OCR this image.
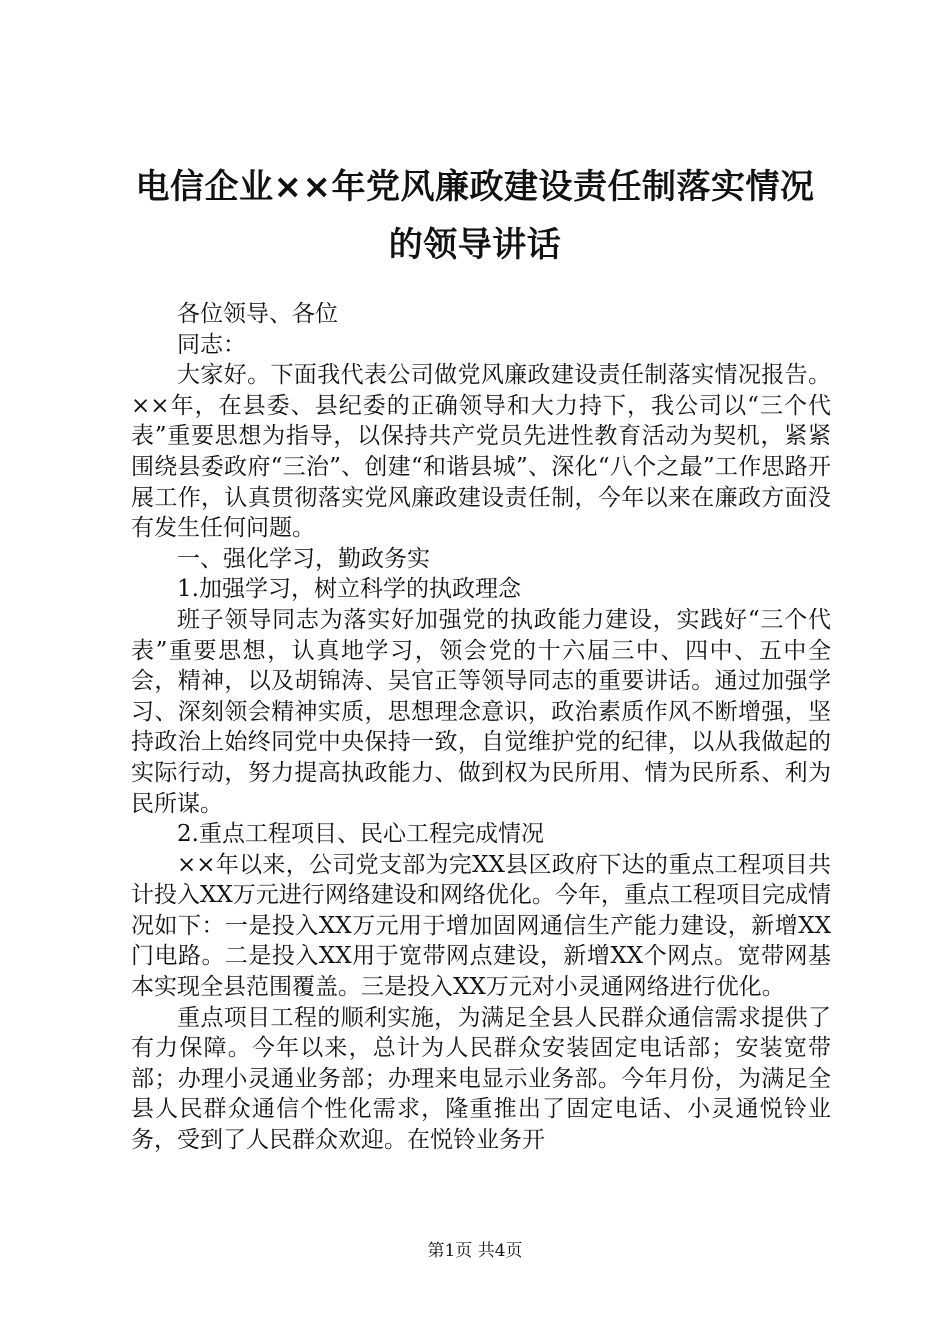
电信企业××年党风廉政建设责任制落实情况
的领导讲话

各位领导、各位

同志：

大家好。下面我代表公司做党风廉政建设责任制落实情况报告。××年，在县委、县纪委的正确领导和大力持下，我公司以“三个代表”重要思想为指导，以保持共产党员先进性教育活动为契机，紧紧围绕县委政府“三治”、创建“和谐县城”、深化“八个之最”工作思路开展工作，认真贯彻落实党风廉政建设责任制，今年以来在廉政方面没有发生任何问题。

一、强化学习，勤政务实

1.加强学习，树立科学的执政理念

班子领导同志为落实好加强党的执政能力建设，实践好“三个代表”重要思想，认真地学习，领会党的十六届三中、四中、五中全会，精神，以及胡锦涛、吴官正等领导同志的重要讲话。通过加强学习、深刻领会精神实质，思想理念意识，政治素质作风不断增强，坚持政治上始终同党中央保持一致，自觉维护党的纪律，以从我做起的实际行动，努力提高执政能力、做到权为民所用、情为民所系、利为民所谋。

2.重点工程项目、民心工程完成情况

××年以来，公司党支部为完XX县区政府下达的重点工程项目共计投入XX万元进行网络建设和网络优化。今年，重点工程项目完成情况如下：一是投入XX万元用于增加固网通信生产能力建设，新增XX门电路。二是投入XX用于宽带网点建设，新增XX个网点。宽带网基本实现全县范围覆盖。三是投入XX万元对小灵通网络进行优化。

重点项目工程的顺利实施，为满足全县人民群众通信需求提供了有力保障。今年以来，总计为人民群众安装固定电话部；安装宽带部；办理小灵通业务部；办理来电显示业务部。今年月份，为满足全县人民群众通信个性化需求，隆重推出了固定电话、小灵通悦铃业务，受到了人民群众欢迎。在悦铃业务开

第1页 共4页
